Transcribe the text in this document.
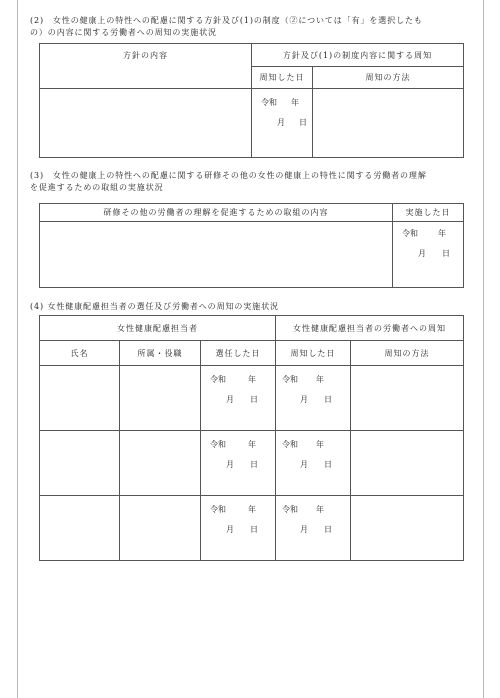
(2)　女性の健康上の特性への配慮に関する方針及び(1)の制度（②については「有」を選択したも
の）の内容に関する労働者への周知の実施状況
方針の内容	方針及び(1)の制度内容に関する周知	
	周知した日	周知の方法

	令和 年
月 日	

(3)　女性の健康上の特性への配慮に関する研修その他の女性の健康上の特性に関する労働者の理解
を促進するための取組の実施状況
研修その他の労働者の理解を促進するための取組の内容	実施した日

	令和 年
月 日
(4) 女性健康配慮担当者の選任及び労働者への周知の実施状況
女性健康配慮担当者			女性健康配慮担当者の労働者への周知	
氏名	所属・役職	選任した日	周知した日	周知の方法

		令和 年
月 日	令和 年
月 日	

		令和 年
月 日	令和 年
月 日	

		令和 年
月 日	令和 年
月 日	
